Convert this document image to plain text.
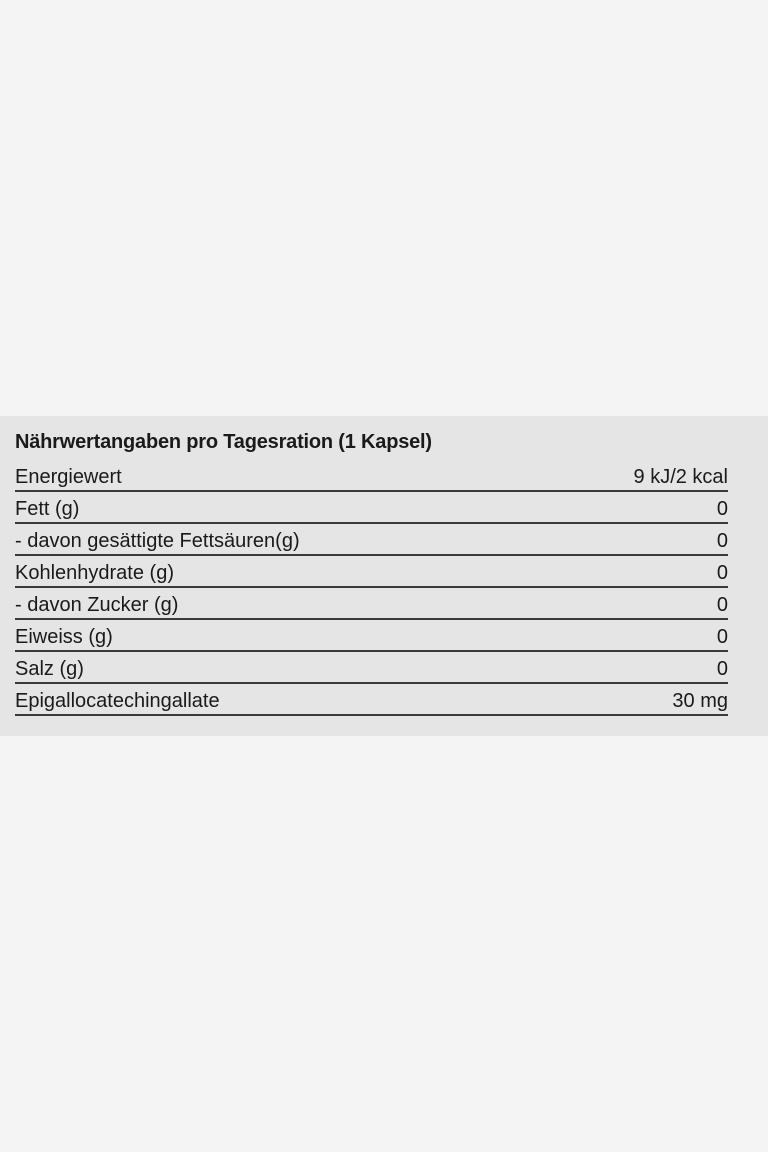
Nährwertangaben pro Tagesration (1 Kapsel)
Energiewert	9 kJ/2 kcal
Fett (g)	0
- davon gesättigte Fettsäuren(g)	0
Kohlenhydrate (g)	0
- davon Zucker (g)	0
Eiweiss (g)	0
Salz (g)	0
Epigallocatechingallate	30 mg
